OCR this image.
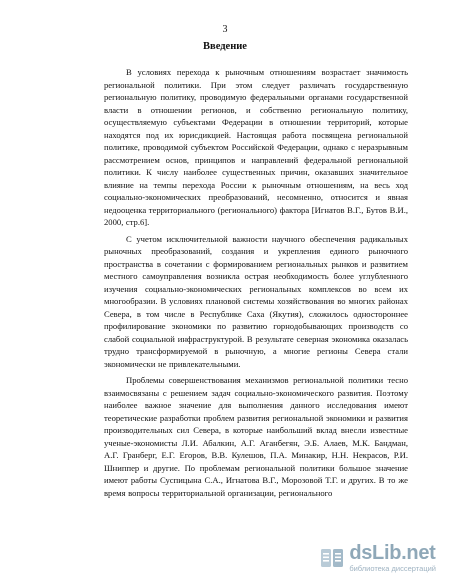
3
Введение

В условиях перехода к рыночным отношениям возрастает значимость региональной политики. При этом следует различать государственную региональную политику, проводимую федеральными органами государственной власти в отношении регионов, и собственно региональную политику, осуществляемую субъектами Федерации в отношении территорий, которые находятся под их юрисдикцией. Настоящая работа посвящена региональной политике, проводимой субъектом Российской Федерации, однако с неразрывным рассмотрением основ, принципов и направлений федеральной региональной политики. К числу наиболее существенных причин, оказавших значительное влияние на темпы перехода России к рыночным отношениям, на весь ход социально-экономических преобразований, несомненно, относится и явная недооценка территориального (регионального) фактора [Игнатов В.Г., Бутов В.И., 2000, стр.6].

С учетом исключительной важности научного обеспечения радикальных рыночных преобразований, создания и укрепления единого рыночного пространства в сочетании с формированием региональных рынков и развитием местного самоуправления возникла острая необходимость более углубленного изучения социально-экономических региональных комплексов во всем их многообразии. В условиях плановой системы хозяйствования во многих районах Севера, в том числе в Республике Саха (Якутия), сложилось одностороннее профилирование экономики по развитию горнодобывающих производств со слабой социальной инфраструктурой. В результате северная экономика оказалась трудно трансформируемой в рыночную, а многие регионы Севера стали экономически не привлекательными.

Проблемы совершенствования механизмов региональной политики тесно взаимосвязаны с решением задач социально-экономического развития. Поэтому наиболее важное значение для выполнения данного исследования имеют теоретические разработки проблем развития региональной экономики и развития производительных сил Севера, в которые наибольший вклад внесли известные ученые-экономисты Л.И. Абалкин, А.Г. Аганбегян, Э.Б. Алаев, М.К. Бандман, А.Г. Гранберг, Е.Г. Егоров, В.В. Кулешов, П.А. Минакир, Н.Н. Некрасов, Р.И. Шниппер и другие. По проблемам региональной политики большое значение имеют работы Суспицына С.А., Игнатова В.Г., Морозовой Т.Г. и других. В то же время вопросы территориальной организации, регионального

dsLib.net
библиотека диссертаций
